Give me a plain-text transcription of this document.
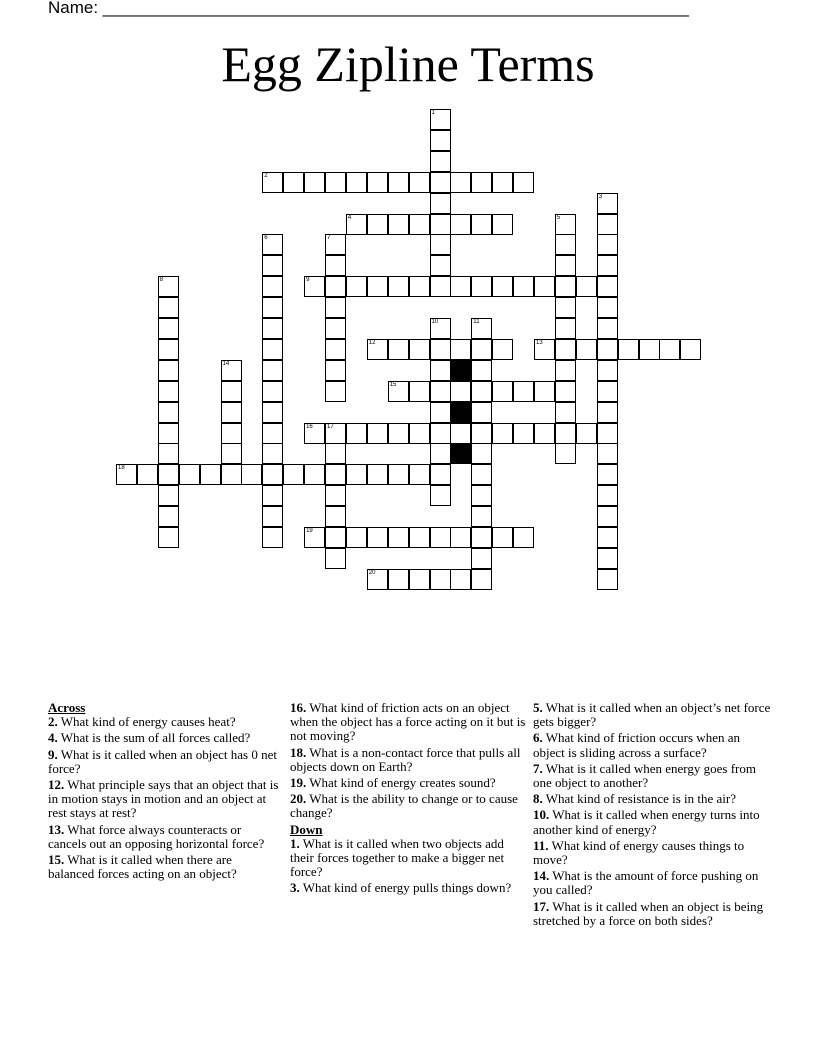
Name: ______________________________________________________________
Egg Zipline Terms
1
2
3
4	5
6	7
8	9
10	11
12	13
14
15
16 17
18
19
20
Across
2. What kind of energy causes heat?
4. What is the sum of all forces called?
9. What is it called when an object has 0 net force?
12. What principle says that an object that is in motion stays in motion and an object at rest stays at rest?
13. What force always counteracts or cancels out an opposing horizontal force?
15. What is it called when there are balanced forces acting on an object?
16. What kind of friction acts on an object when the object has a force acting on it but is not moving?
18. What is a non-contact force that pulls all objects down on Earth?
19. What kind of energy creates sound?
20. What is the ability to change or to cause change?
Down
1. What is it called when two objects add their forces together to make a bigger net force?
3. What kind of energy pulls things down?
5. What is it called when an object’s net force gets bigger?
6. What kind of friction occurs when an object is sliding across a surface?
7. What is it called when energy goes from one object to another?
8. What kind of resistance is in the air?
10. What is it called when energy turns into another kind of energy?
11. What kind of energy causes things to move?
14. What is the amount of force pushing on you called?
17. What is it called when an object is being stretched by a force on both sides?
